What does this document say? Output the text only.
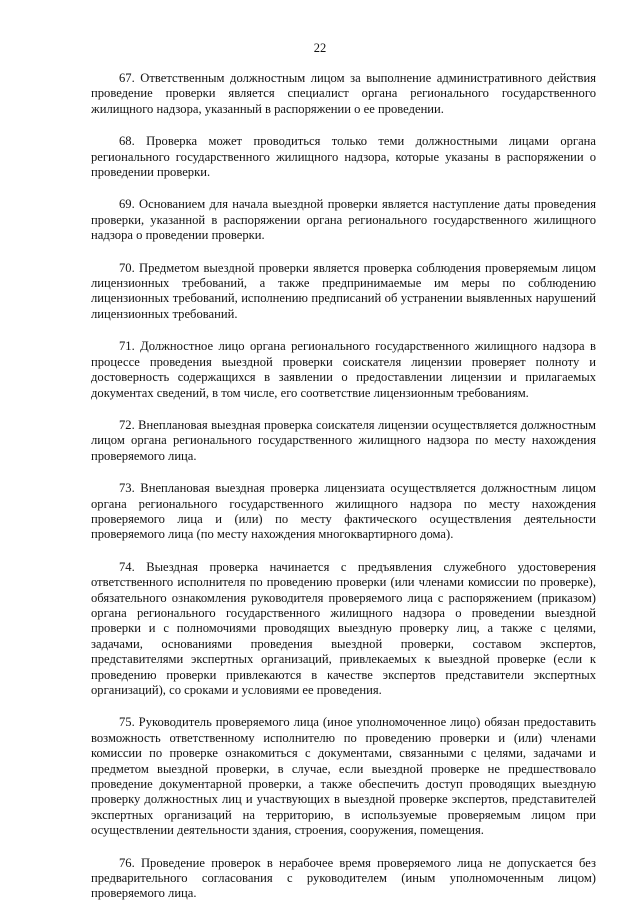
22

67. Ответственным должностным лицом за выполнение административного действия проведение проверки является специалист органа регионального государственного жилищного надзора, указанный в распоряжении о ее проведении.

68. Проверка может проводиться только теми должностными лицами органа регионального государственного жилищного надзора, которые указаны в распоряжении о проведении проверки.

69. Основанием для начала выездной проверки является наступление даты проведения проверки, указанной в распоряжении органа регионального государственного жилищного надзора о проведении проверки.

70. Предметом выездной проверки является проверка соблюдения проверяемым лицом лицензионных требований, а также предпринимаемые им меры по соблюдению лицензионных требований, исполнению предписаний об устранении выявленных нарушений лицензионных требований.

71. Должностное лицо органа регионального государственного жилищного надзора в процессе проведения выездной проверки соискателя лицензии проверяет полноту и достоверность содержащихся в заявлении о предоставлении лицензии и прилагаемых документах сведений, в том числе, его соответствие лицензионным требованиям.

72. Внеплановая выездная проверка соискателя лицензии осуществляется должностным лицом органа регионального государственного жилищного надзора по месту нахождения проверяемого лица.

73. Внеплановая выездная проверка лицензиата осуществляется должностным лицом органа регионального государственного жилищного надзора по месту нахождения проверяемого лица и (или) по месту фактического осуществления деятельности проверяемого лица (по месту нахождения многоквартирного дома).

74. Выездная проверка начинается с предъявления служебного удостоверения ответственного исполнителя по проведению проверки (или членами комиссии по проверке), обязательного ознакомления руководителя проверяемого лица с распоряжением (приказом) органа регионального государственного жилищного надзора о проведении выездной проверки и с полномочиями проводящих выездную проверку лиц, а также с целями, задачами, основаниями проведения выездной проверки, составом экспертов, представителями экспертных организаций, привлекаемых к выездной проверке (если к проведению проверки привлекаются в качестве экспертов представители экспертных организаций), со сроками и условиями ее проведения.

75. Руководитель проверяемого лица (иное уполномоченное лицо) обязан предоставить возможность ответственному исполнителю по проведению проверки и (или) членами комиссии по проверке ознакомиться с документами, связанными с целями, задачами и предметом выездной проверки, в случае, если выездной проверке не предшествовало проведение документарной проверки, а также обеспечить доступ проводящих выездную проверку должностных лиц и участвующих в выездной проверке экспертов, представителей экспертных организаций на территорию, в используемые проверяемым лицом при осуществлении деятельности здания, строения, сооружения, помещения.

76. Проведение проверок в нерабочее время проверяемого лица не допускается без предварительного согласования с руководителем (иным уполномоченным лицом) проверяемого лица.
